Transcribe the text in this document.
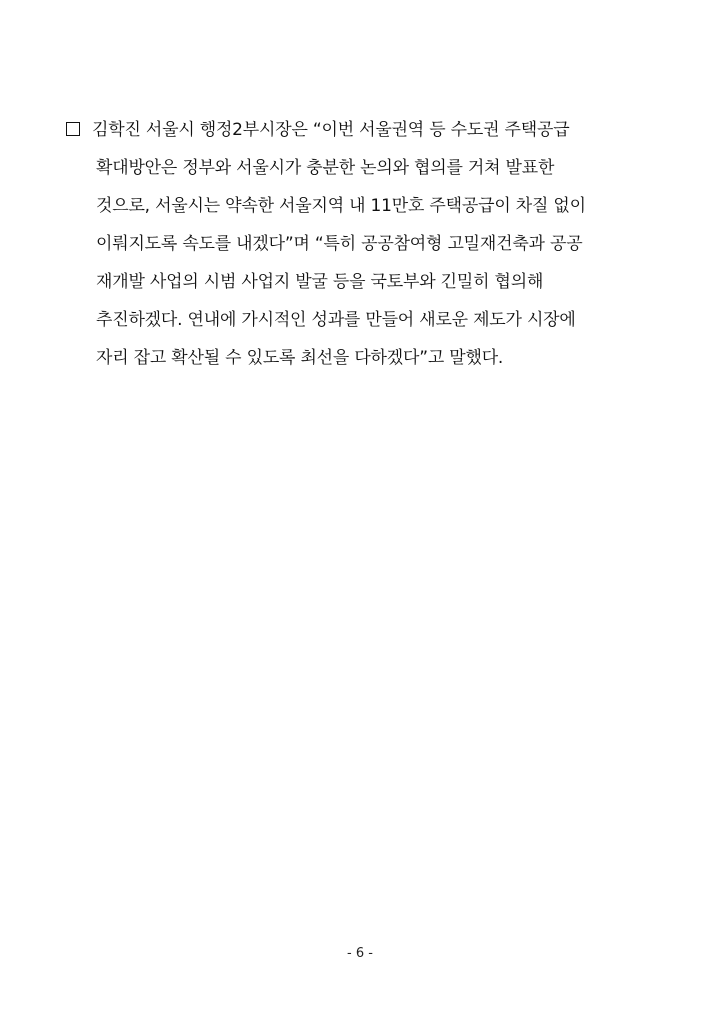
김학진 서울시 행정2부시장은 “이번 서울권역 등 수도권 주택공급
확대방안은 정부와 서울시가 충분한 논의와 협의를 거쳐 발표한
것으로, 서울시는 약속한 서울지역 내 11만호 주택공급이 차질 없이
이뤄지도록 속도를 내겠다”며 “특히 공공참여형 고밀재건축과 공공
재개발 사업의 시범 사업지 발굴 등을 국토부와 긴밀히 협의해
추진하겠다. 연내에 가시적인 성과를 만들어 새로운 제도가 시장에
자리 잡고 확산될 수 있도록 최선을 다하겠다”고 말했다.
- 6 -
